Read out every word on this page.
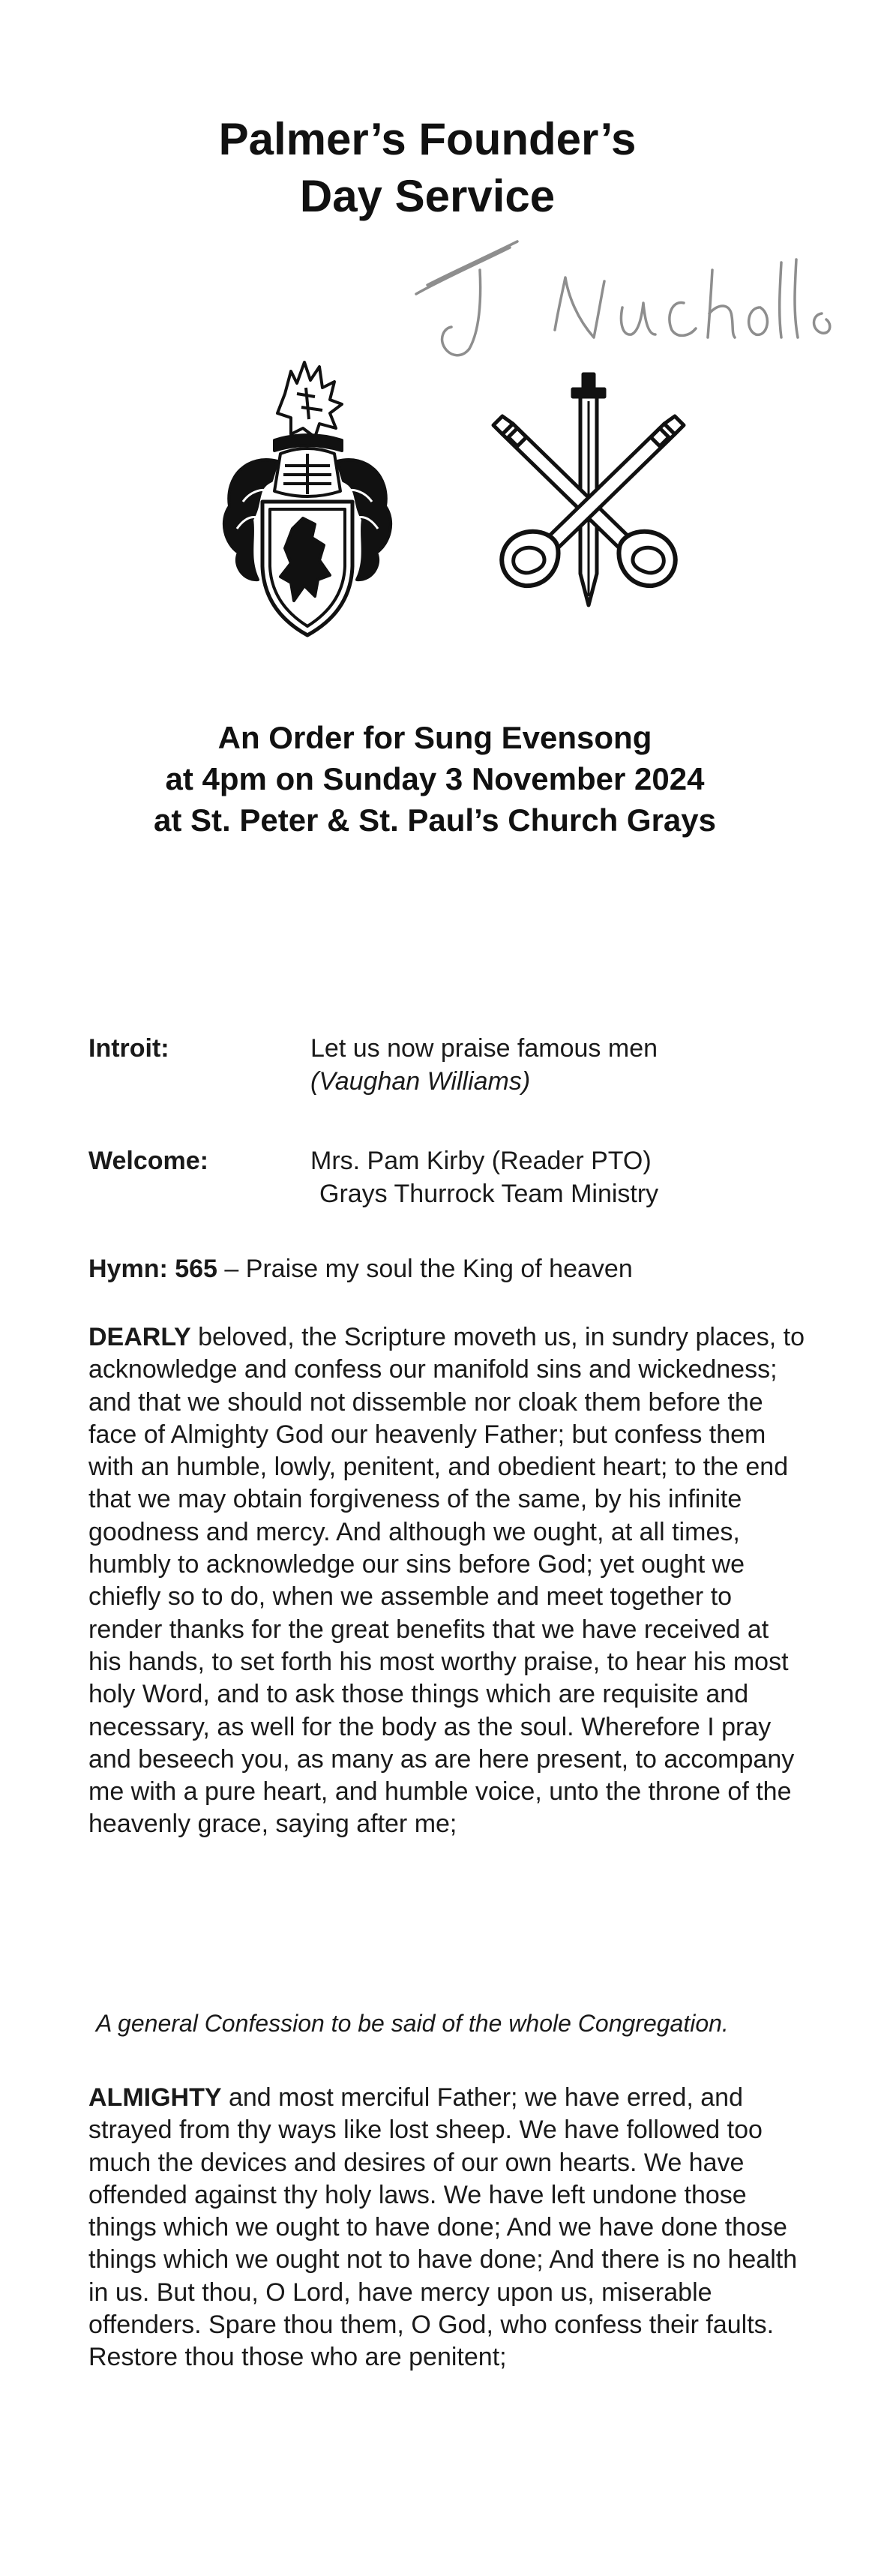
Palmer’s Founder’s
Day Service
An Order for Sung Evensong
at 4pm on Sunday 3 November 2024
at St. Peter & St. Paul’s Church Grays
Introit:	Let us now praise famous men
(Vaughan Williams)
Welcome:	Mrs. Pam Kirby (Reader PTO)
Grays Thurrock Team Ministry
Hymn: 565 – Praise my soul the King of heaven
DEARLY beloved, the Scripture moveth us, in sundry places, to acknowledge and confess our manifold sins and wickedness; and that we should not dissemble nor cloak them before the face of Almighty God our heavenly Father; but confess them with an humble, lowly, penitent, and obedient heart; to the end that we may obtain forgiveness of the same, by his infinite goodness and mercy. And although we ought, at all times, humbly to acknowledge our sins before God; yet ought we chiefly so to do, when we assemble and meet together to render thanks for the great benefits that we have received at his hands, to set forth his most worthy praise, to hear his most holy Word, and to ask those things which are requisite and necessary, as well for the body as the soul. Wherefore I pray and beseech you, as many as are here present, to accompany me with a pure heart, and humble voice, unto the throne of the heavenly grace, saying after me;
A general Confession to be said of the whole Congregation.
ALMIGHTY and most merciful Father; we have erred, and strayed from thy ways like lost sheep. We have followed too much the devices and desires of our own hearts. We have offended against thy holy laws. We have left undone those things which we ought to have done; And we have done those things which we ought not to have done; And there is no health in us. But thou, O Lord, have mercy upon us, miserable offenders. Spare thou them, O God, who confess their faults. Restore thou those who are penitent;
